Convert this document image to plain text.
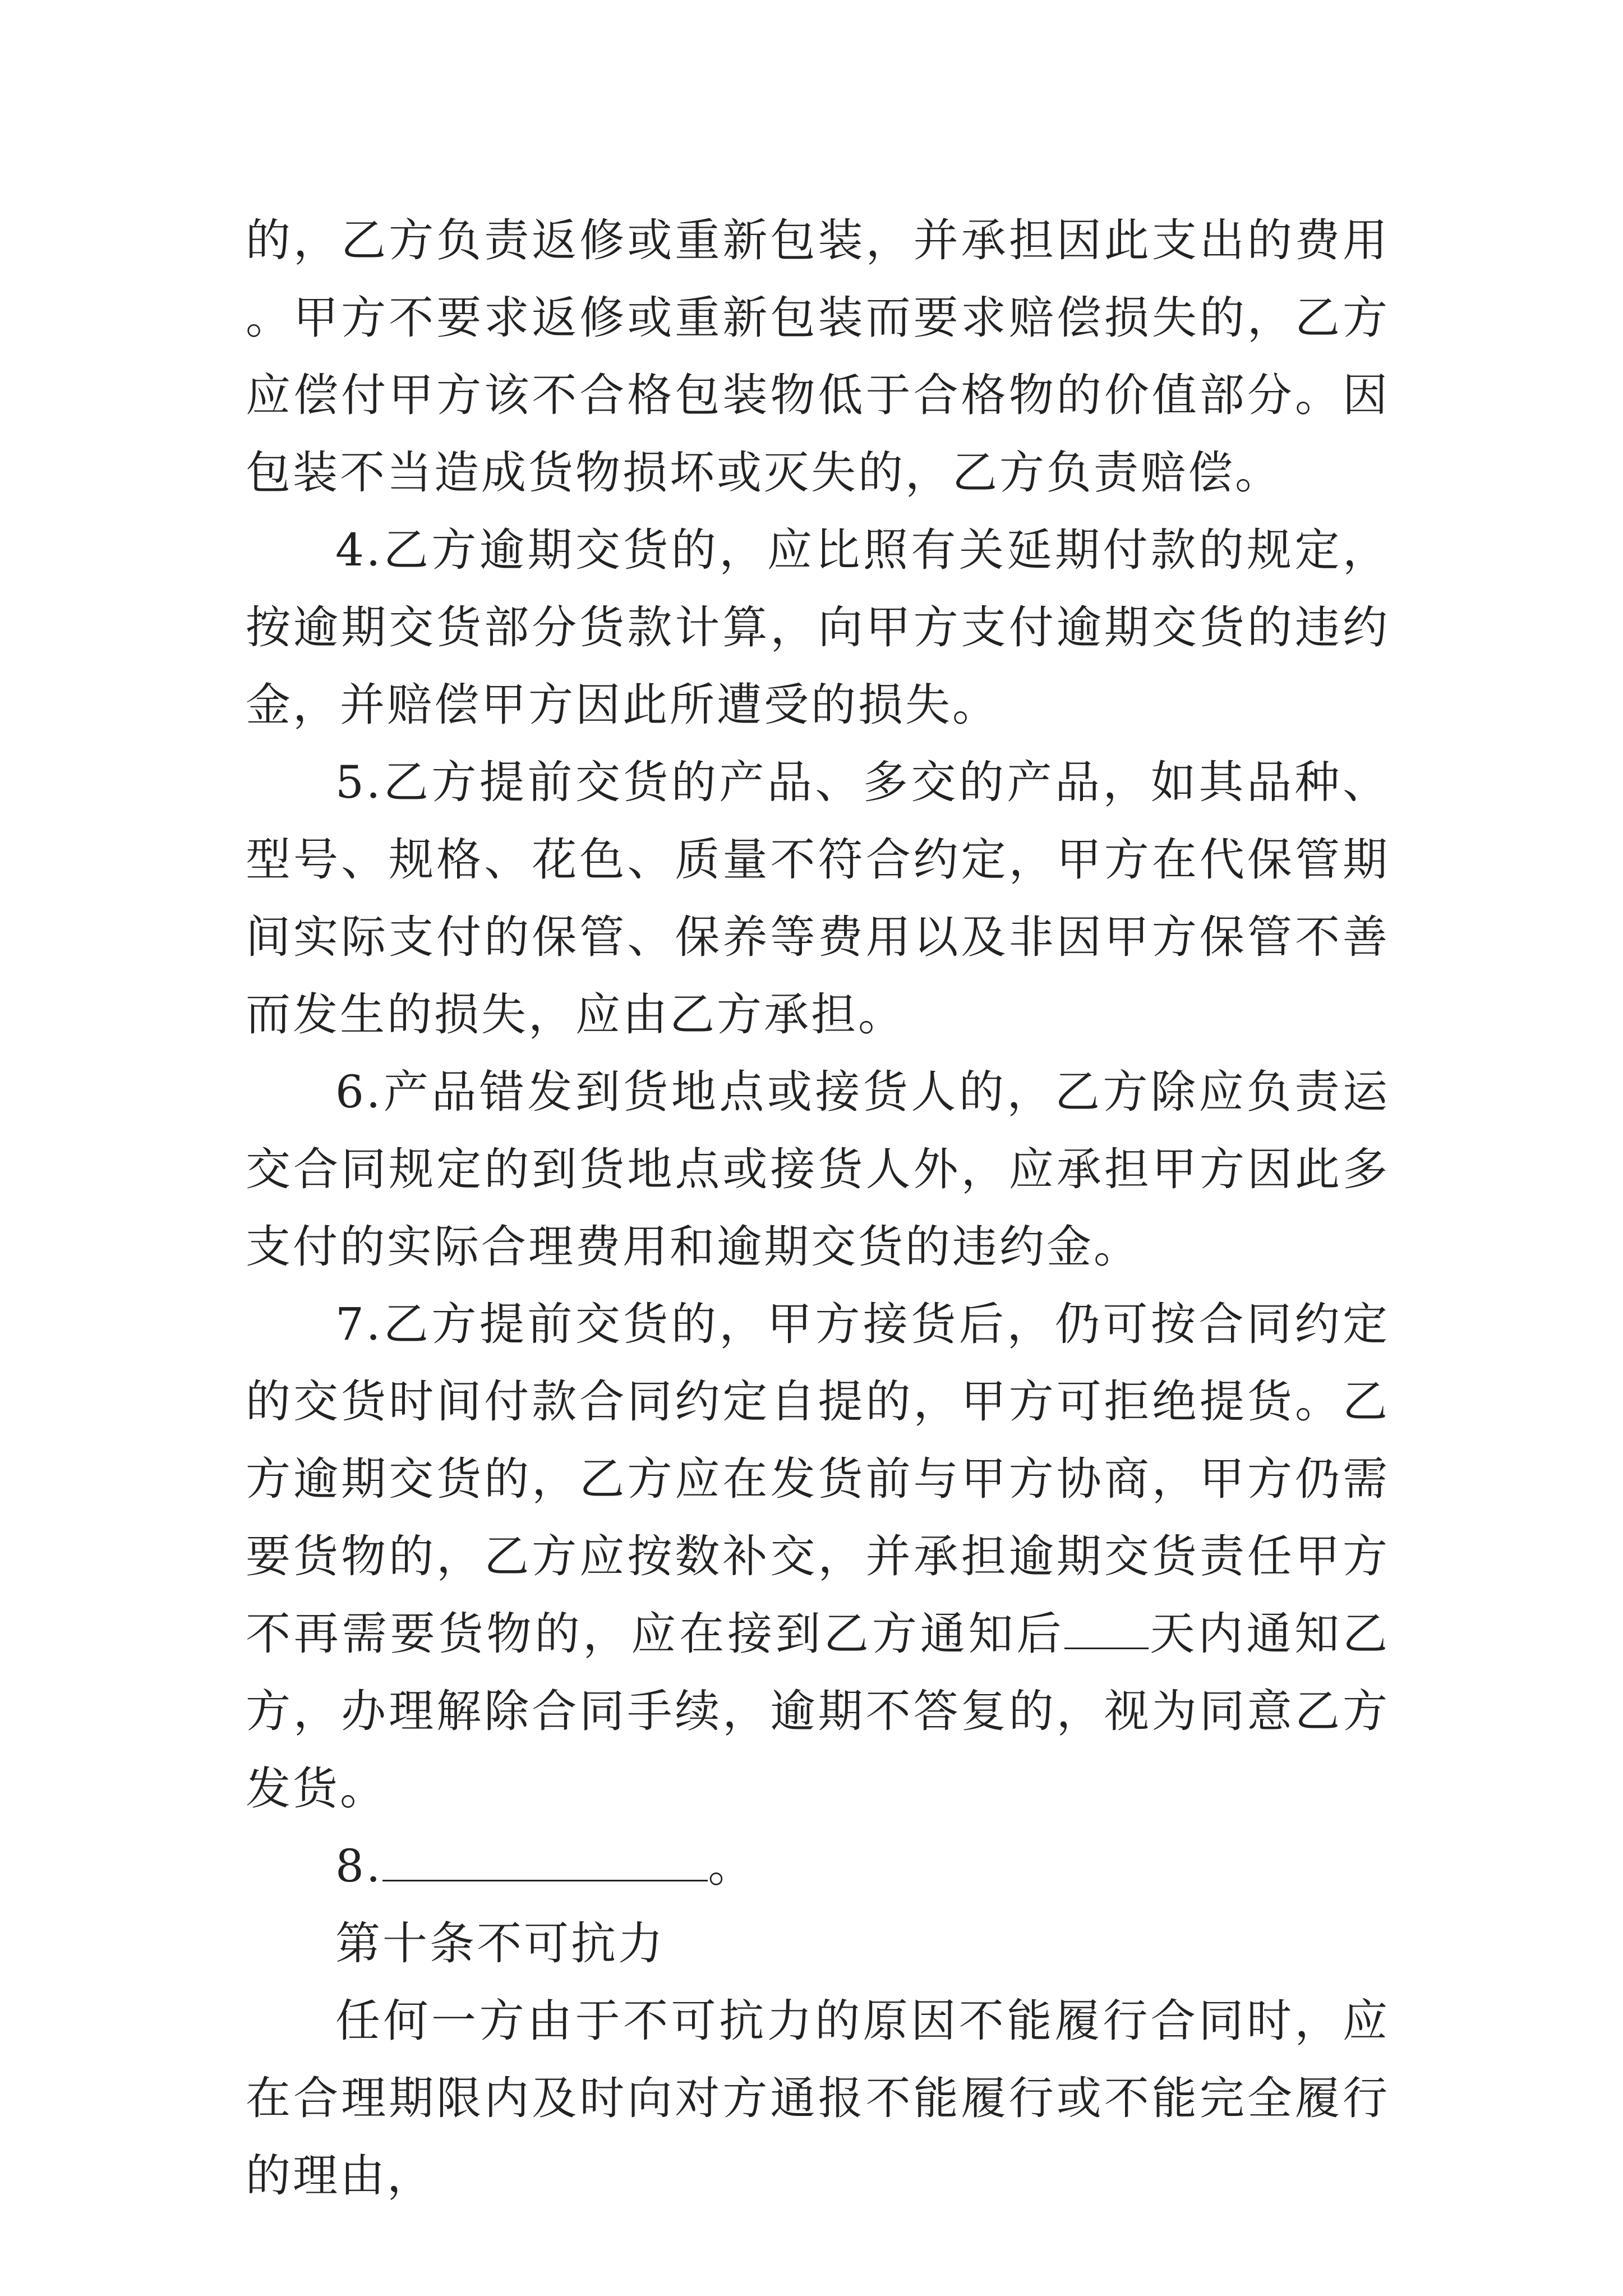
的，乙方负责返修或重新包装，并承担因此支出的费用。甲方不要求返修或重新包装而要求赔偿损失的，乙方应偿付甲方该不合格包装物低于合格物的价值部分。因包装不当造成货物损坏或灭失的，乙方负责赔偿。

4.乙方逾期交货的，应比照有关延期付款的规定，按逾期交货部分货款计算，向甲方支付逾期交货的违约金，并赔偿甲方因此所遭受的损失。

5.乙方提前交货的产品、多交的产品，如其品种、型号、规格、花色、质量不符合约定，甲方在代保管期间实际支付的保管、保养等费用以及非因甲方保管不善而发生的损失，应由乙方承担。

6.产品错发到货地点或接货人的，乙方除应负责运交合同规定的到货地点或接货人外，应承担甲方因此多支付的实际合理费用和逾期交货的违约金。

7.乙方提前交货的，甲方接货后，仍可按合同约定的交货时间付款合同约定自提的，甲方可拒绝提货。乙方逾期交货的，乙方应在发货前与甲方协商，甲方仍需要货物的，乙方应按数补交，并承担逾期交货责任甲方不再需要货物的，应在接到乙方通知后 天内通知乙方，办理解除合同手续，逾期不答复的，视为同意乙方发货。

8.	。

第十条不可抗力

任何一方由于不可抗力的原因不能履行合同时，应在合理期限内及时向对方通报不能履行或不能完全履行的理由，
